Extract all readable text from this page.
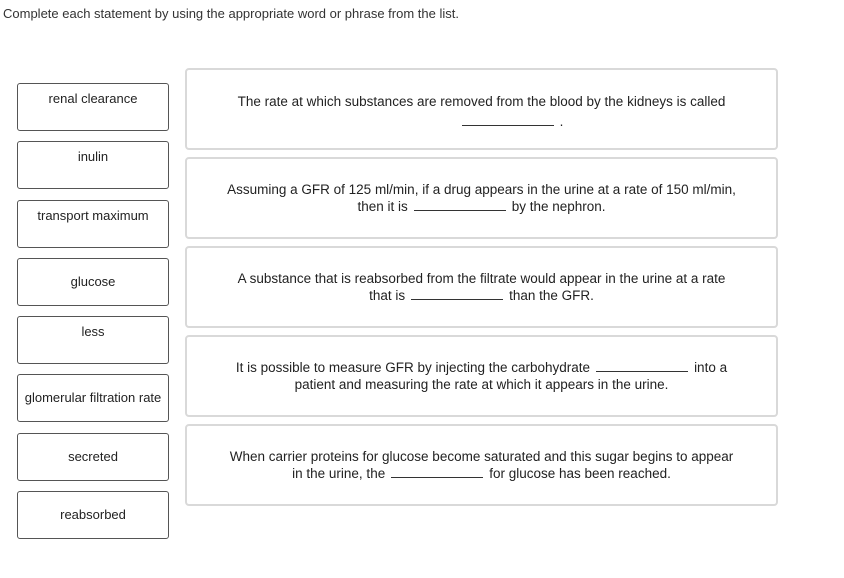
Complete each statement by using the appropriate word or phrase from the list.
renal clearance
inulin
transport maximum
glucose
less
glomerular filtration rate
secreted
reabsorbed
The rate at which substances are removed from the blood by the kidneys is called
.
Assuming a GFR of 125 ml/min, if a drug appears in the urine at a rate of 150 ml/min,
then it is	by the nephron.
A substance that is reabsorbed from the filtrate would appear in the urine at a rate
that is	than the GFR.
It is possible to measure GFR by injecting the carbohydrate	into a
patient and measuring the rate at which it appears in the urine.
When carrier proteins for glucose become saturated and this sugar begins to appear
in the urine, the	for glucose has been reached.
